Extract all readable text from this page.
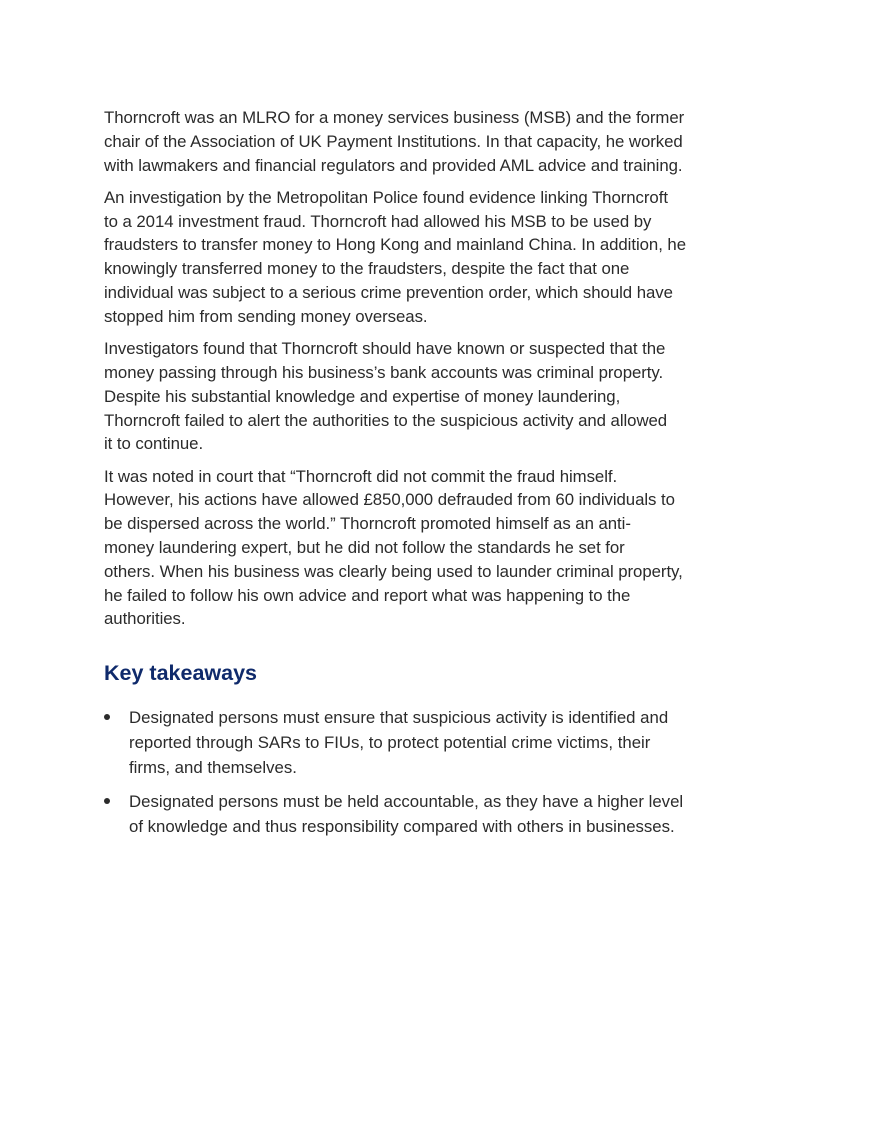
Thorncroft was an MLRO for a money services business (MSB) and the former
chair of the Association of UK Payment Institutions. In that capacity, he worked
with lawmakers and financial regulators and provided AML advice and training.

An investigation by the Metropolitan Police found evidence linking Thorncroft
to a 2014 investment fraud. Thorncroft had allowed his MSB to be used by
fraudsters to transfer money to Hong Kong and mainland China. In addition, he
knowingly transferred money to the fraudsters, despite the fact that one
individual was subject to a serious crime prevention order, which should have
stopped him from sending money overseas.

Investigators found that Thorncroft should have known or suspected that the
money passing through his business’s bank accounts was criminal property.
Despite his substantial knowledge and expertise of money laundering,
Thorncroft failed to alert the authorities to the suspicious activity and allowed
it to continue.

It was noted in court that “Thorncroft did not commit the fraud himself.
However, his actions have allowed £850,000 defrauded from 60 individuals to
be dispersed across the world.” Thorncroft promoted himself as an anti-
money laundering expert, but he did not follow the standards he set for
others. When his business was clearly being used to launder criminal property,
he failed to follow his own advice and report what was happening to the
authorities.

Key takeaways
Designated persons must ensure that suspicious activity is identified and
reported through SARs to FIUs, to protect potential crime victims, their
firms, and themselves.
Designated persons must be held accountable, as they have a higher level
of knowledge and thus responsibility compared with others in businesses.
